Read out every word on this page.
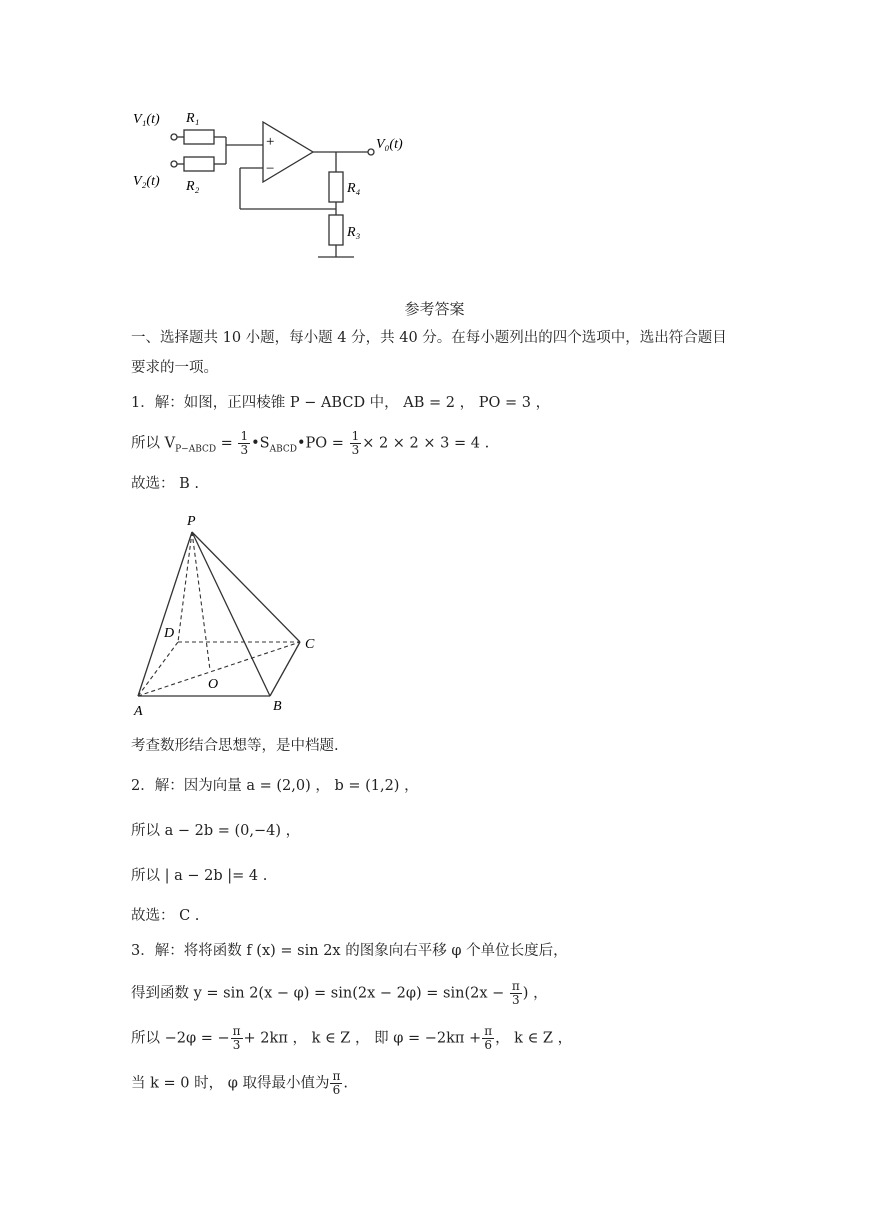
V₁(t)
V₂(t)
R₁
R₂	R₄
R₃
V₀(t)
+
−
参考答案
一、选择题共 10 小题，每小题 4 分，共 40 分。在每小题列出的四个选项中，选出符合题目
要求的一项。
1．解：如图，正四棱锥 P − ABCD 中， AB = 2 ， PO = 3 ，
所以 $V_{P-ABCD} = \frac{1}{3}$ $•S_{ABCD}•PO = \frac{1}{3} \times 2 \times 2 \times 3 = 4$ .
故选： B .
P
D
C
O
A	B
考查数形结合思想等，是中档题.
2．解：因为向量 a = (2,0) ， b = (1,2) ，
所以 a − 2b = (0,−4) ，
所以 | a − 2b |= 4 .
故选： C .
3．解：将将函数 f (x) = sin 2x 的图象向右平移 φ 个单位长度后，
得到函数 $y = \sin 2(x - \varphi) = \sin(2x - 2\varphi) = \sin(2x - \frac{\pi}{3}$ ) ，
所以 −2φ = − $\frac{\pi}{3} + 2k\pi$ ， k ∈ Z ， 即 $\varphi = -2k\pi + \frac{\pi}{6}$ ， k ∈ Z ，
当 k = 0 时， φ 取得最小值为 $\frac{\pi}{6}$ .
